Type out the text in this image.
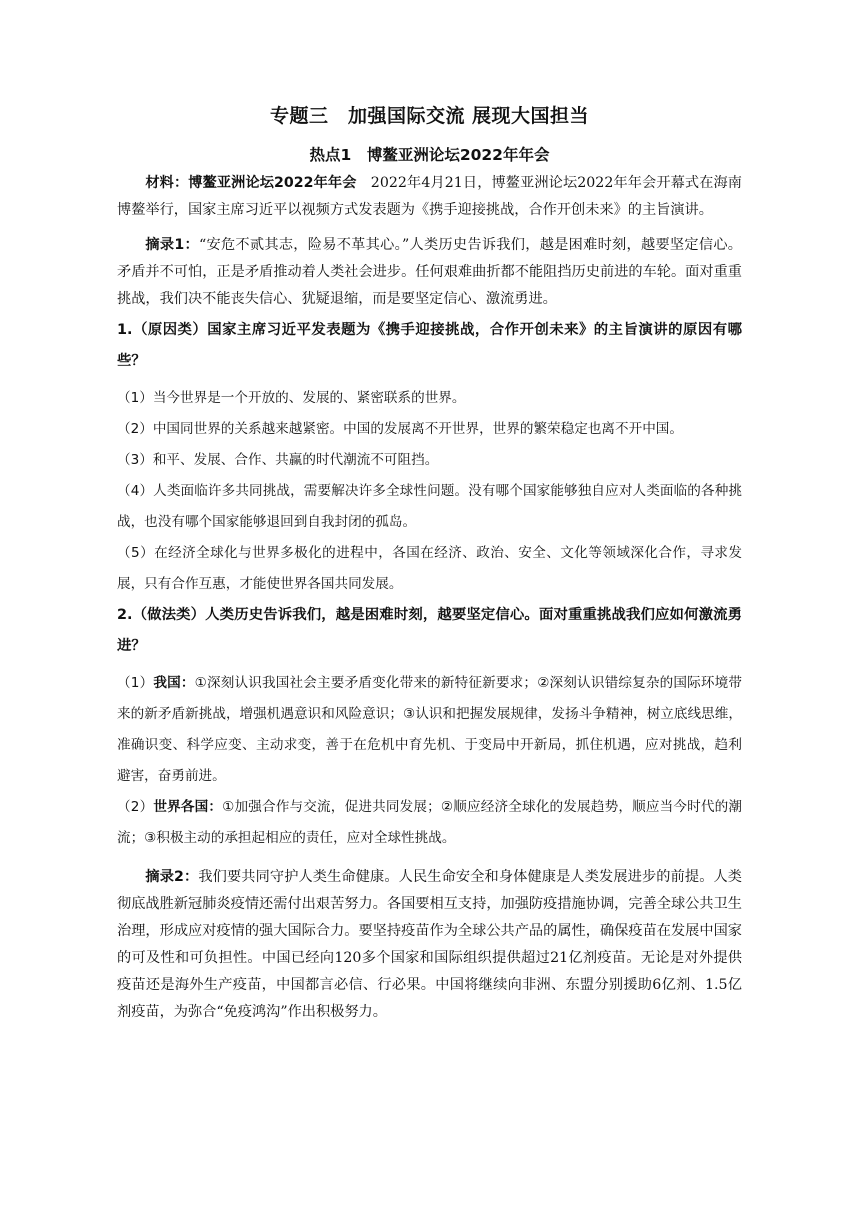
专题三　加强国际交流 展现大国担当
热点1　博鳌亚洲论坛2022年年会

材料：博鳌亚洲论坛2022年年会　2022年4月21日，博鳌亚洲论坛2022年年会开幕式在海南博鳌举行，国家主席习近平以视频方式发表题为《携手迎接挑战，合作开创未来》的主旨演讲。

摘录1：“安危不贰其志，险易不革其心。”人类历史告诉我们，越是困难时刻，越要坚定信心。矛盾并不可怕，正是矛盾推动着人类社会进步。任何艰难曲折都不能阻挡历史前进的车轮。面对重重挑战，我们决不能丧失信心、犹疑退缩，而是要坚定信心、激流勇进。

1.（原因类）国家主席习近平发表题为《携手迎接挑战，合作开创未来》的主旨演讲的原因有哪些？

（1）当今世界是一个开放的、发展的、紧密联系的世界。

（2）中国同世界的关系越来越紧密。中国的发展离不开世界，世界的繁荣稳定也离不开中国。

（3）和平、发展、合作、共赢的时代潮流不可阻挡。

（4）人类面临许多共同挑战，需要解决许多全球性问题。没有哪个国家能够独自应对人类面临的各种挑战，也没有哪个国家能够退回到自我封闭的孤岛。

（5）在经济全球化与世界多极化的进程中，各国在经济、政治、安全、文化等领域深化合作，寻求发展，只有合作互惠，才能使世界各国共同发展。

2.（做法类）人类历史告诉我们，越是困难时刻，越要坚定信心。面对重重挑战我们应如何激流勇进？

（1）我国：①深刻认识我国社会主要矛盾变化带来的新特征新要求；②深刻认识错综复杂的国际环境带来的新矛盾新挑战，增强机遇意识和风险意识；③认识和把握发展规律，发扬斗争精神，树立底线思维，准确识变、科学应变、主动求变，善于在危机中育先机、于变局中开新局，抓住机遇，应对挑战，趋利避害，奋勇前进。

（2）世界各国：①加强合作与交流，促进共同发展；②顺应经济全球化的发展趋势，顺应当今时代的潮流；③积极主动的承担起相应的责任，应对全球性挑战。

摘录2：我们要共同守护人类生命健康。人民生命安全和身体健康是人类发展进步的前提。人类彻底战胜新冠肺炎疫情还需付出艰苦努力。各国要相互支持，加强防疫措施协调，完善全球公共卫生治理，形成应对疫情的强大国际合力。要坚持疫苗作为全球公共产品的属性，确保疫苗在发展中国家的可及性和可负担性。中国已经向120多个国家和国际组织提供超过21亿剂疫苗。无论是对外提供疫苗还是海外生产疫苗，中国都言必信、行必果。中国将继续向非洲、东盟分别援助6亿剂、1.5亿剂疫苗，为弥合“免疫鸿沟”作出积极努力。
